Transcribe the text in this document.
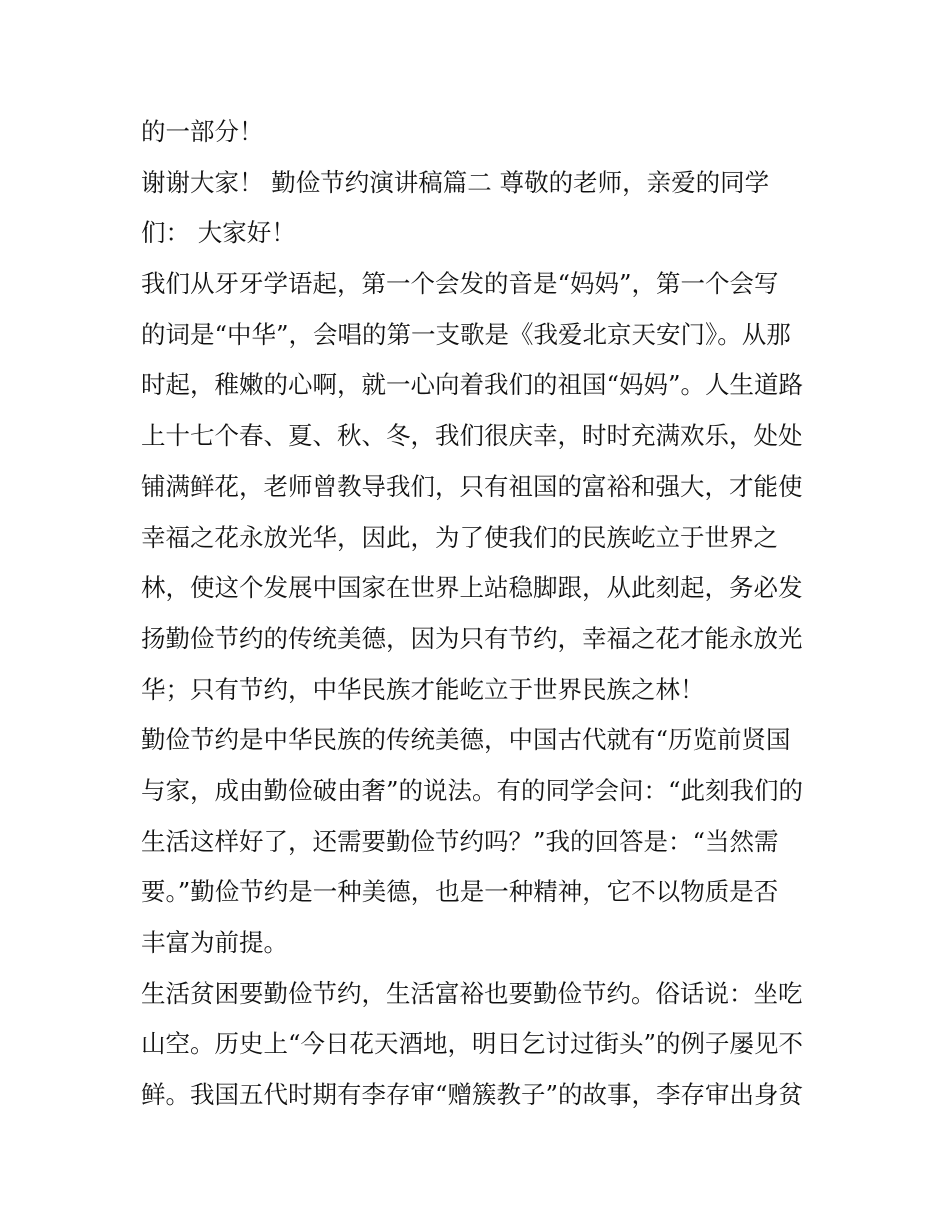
的一部分！
谢谢大家！ 勤俭节约演讲稿篇二 尊敬的老师，亲爱的同学
们： 大家好！
我们从牙牙学语起，第一个会发的音是“妈妈”，第一个会写
的词是“中华”，会唱的第一支歌是《我爱北京天安门》。从那
时起，稚嫩的心啊，就一心向着我们的祖国“妈妈”。人生道路
上十七个春、夏、秋、冬，我们很庆幸，时时充满欢乐，处处
铺满鲜花，老师曾教导我们，只有祖国的富裕和强大，才能使
幸福之花永放光华，因此，为了使我们的民族屹立于世界之
林，使这个发展中国家在世界上站稳脚跟，从此刻起，务必发
扬勤俭节约的传统美德，因为只有节约，幸福之花才能永放光
华；只有节约，中华民族才能屹立于世界民族之林！
勤俭节约是中华民族的传统美德，中国古代就有“历览前贤国
与家，成由勤俭破由奢”的说法。有的同学会问：“此刻我们的
生活这样好了，还需要勤俭节约吗？”我的回答是：“当然需
要。”勤俭节约是一种美德，也是一种精神，它不以物质是否
丰富为前提。
生活贫困要勤俭节约，生活富裕也要勤俭节约。俗话说：坐吃
山空。历史上“今日花天酒地，明日乞讨过街头”的例子屡见不
鲜。我国五代时期有李存审“赠簇教子”的故事，李存审出身贫
